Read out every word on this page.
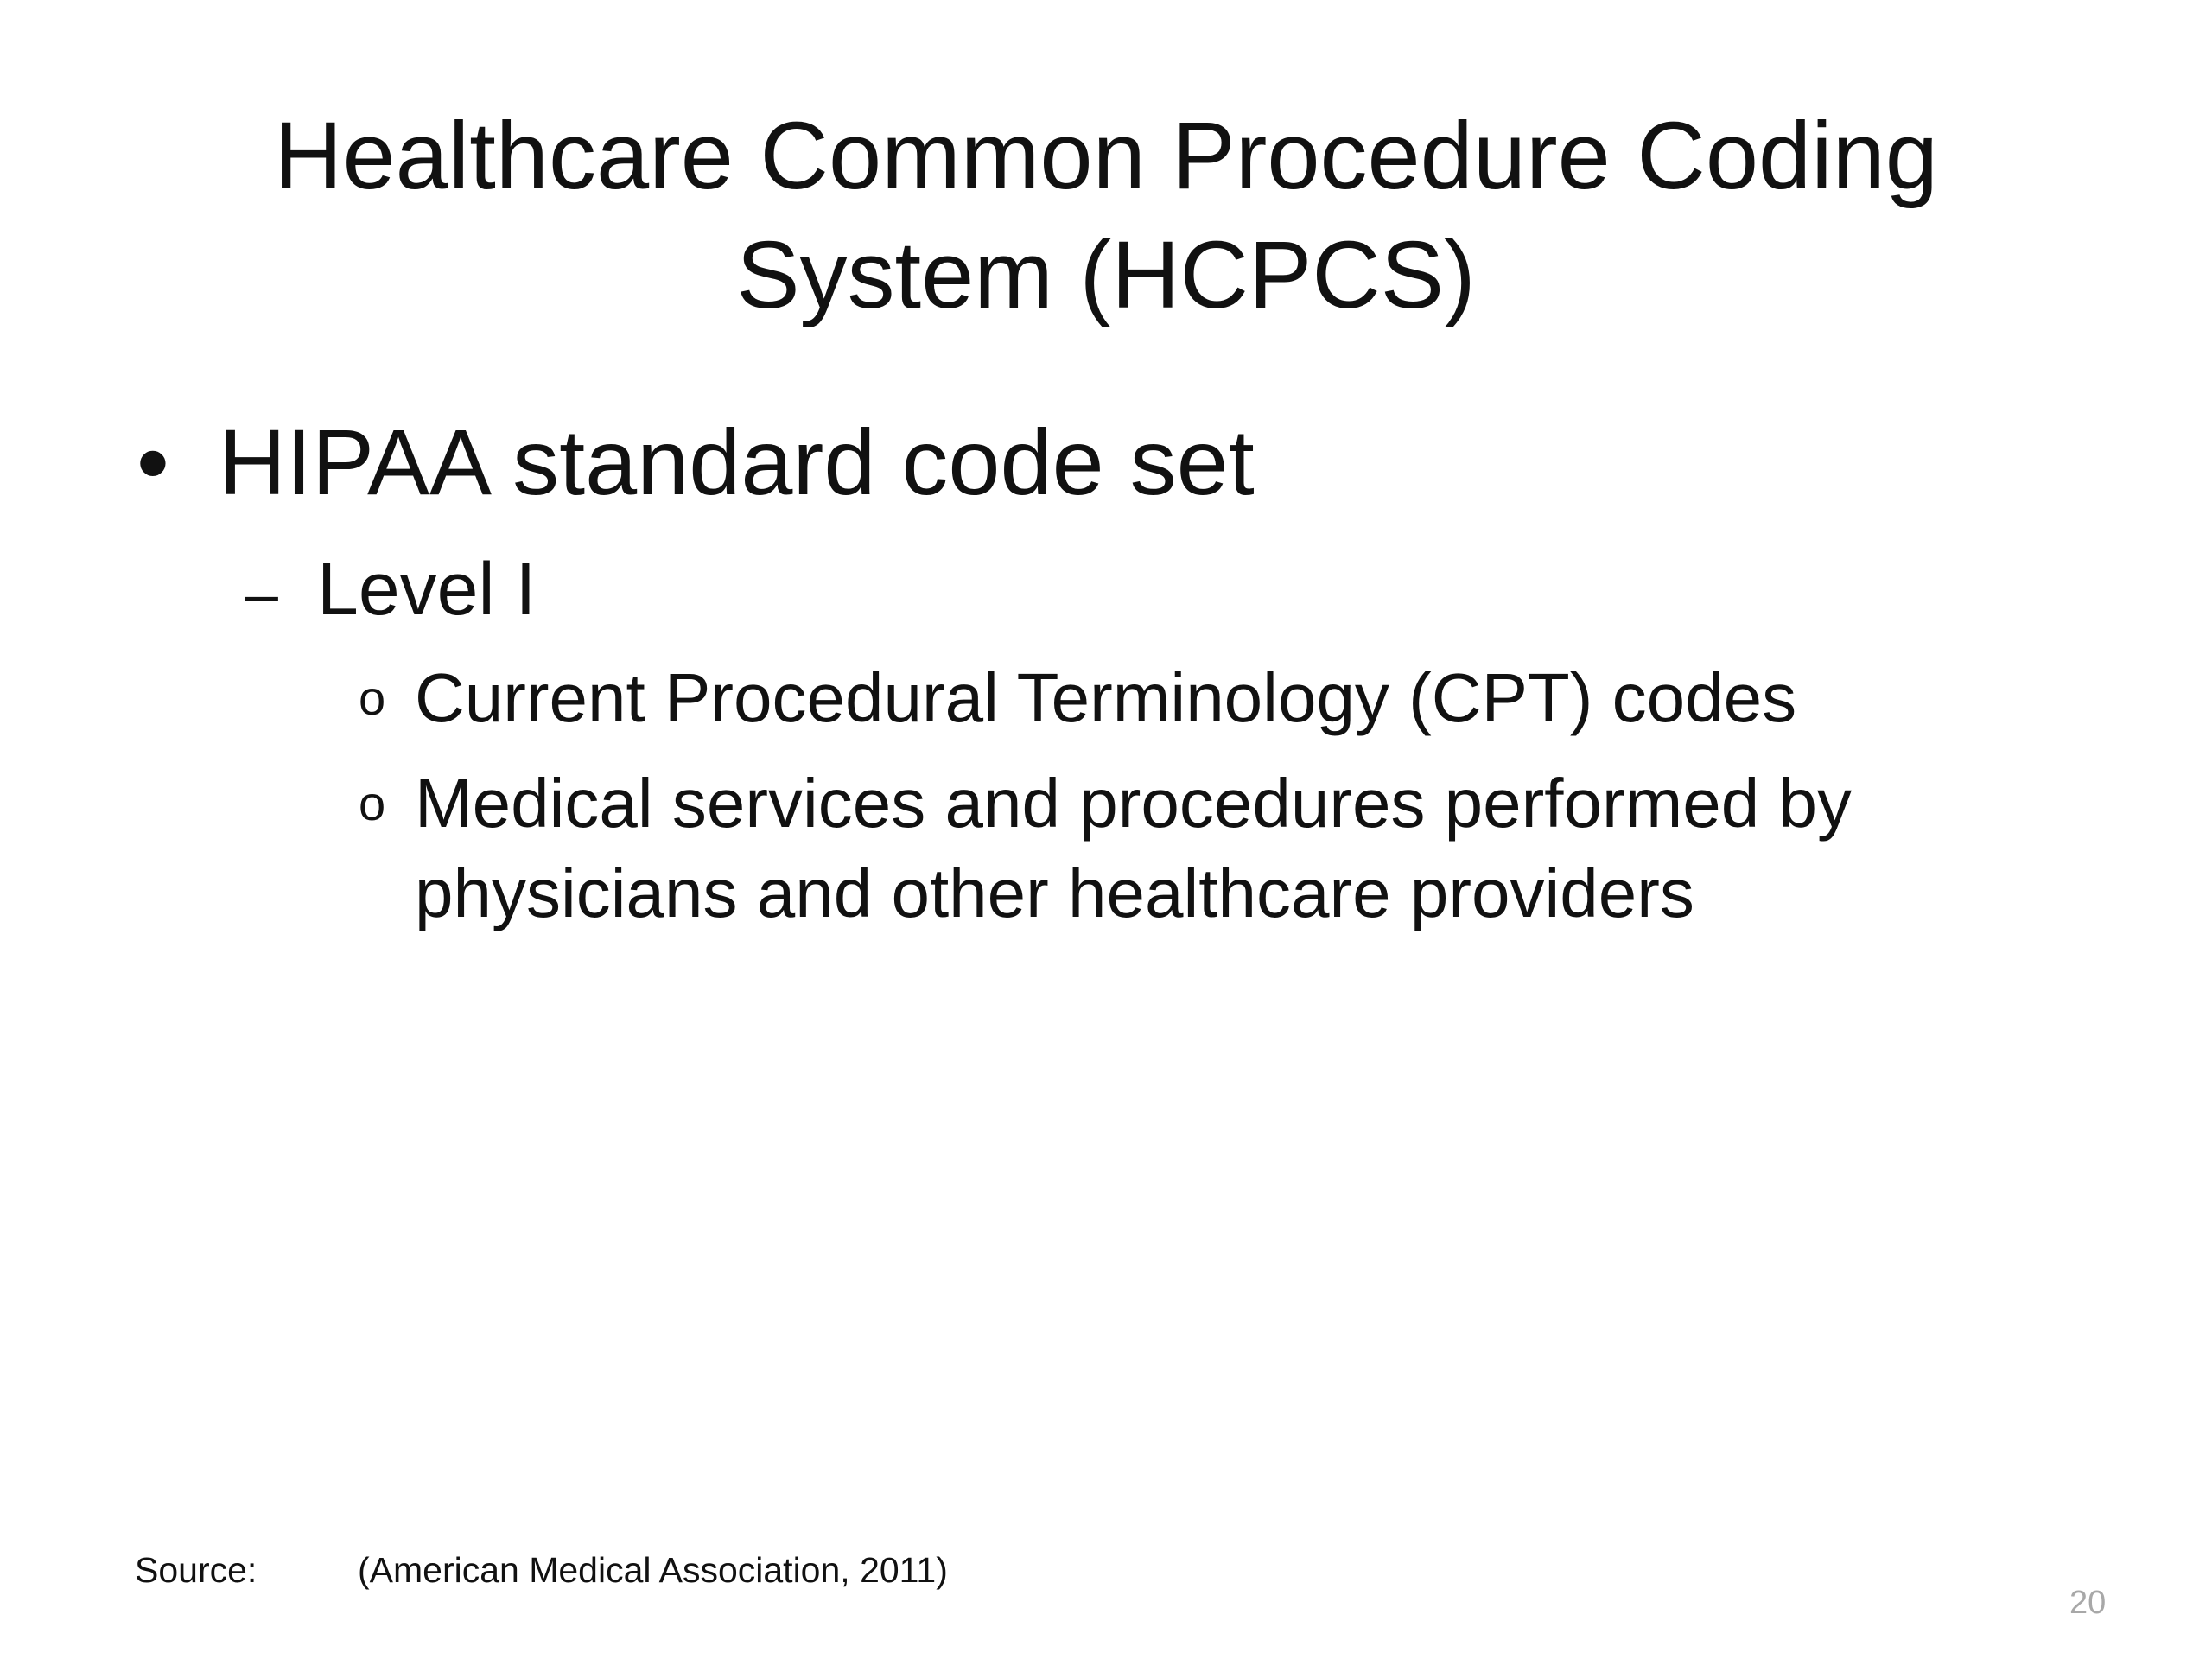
Healthcare Common Procedure Coding
System (HCPCS)
• HIPAA standard code set
– Level I
o Current Procedural Terminology (CPT) codes
o Medical services and procedures performed by physicians and other healthcare providers
Source:	(American Medical Association, 2011)
20
